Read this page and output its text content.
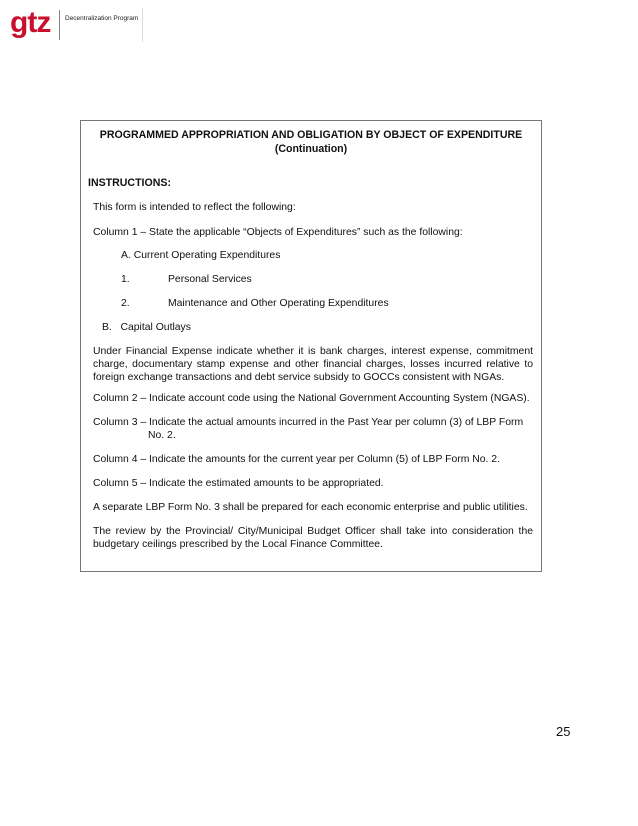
gtz Decentralization Program
PROGRAMMED APPROPRIATION AND OBLIGATION BY OBJECT OF EXPENDITURE
(Continuation)
INSTRUCTIONS:
This form is intended to reflect the following:
Column 1 – State the applicable “Objects of Expenditures” such as the following:
A. Current Operating Expenditures
1.	Personal Services
2.	Maintenance and Other Operating Expenditures
B.   Capital Outlays
Under Financial Expense indicate whether it is bank charges, interest expense, commitment charge, documentary stamp expense and other financial charges, losses incurred relative to foreign exchange transactions and debt service subsidy to GOCCs consistent with NGAs.
Column 2 – Indicate account code using the National Government Accounting System (NGAS).
Column 3 – Indicate the actual amounts incurred in the Past Year per column (3) of LBP Form
No. 2.
Column 4 – Indicate the amounts for the current year per Column (5) of LBP Form No. 2.
Column 5 – Indicate the estimated amounts to be appropriated.
A separate LBP Form No. 3 shall be prepared for each economic enterprise and public utilities.
The review by the Provincial/ City/Municipal Budget Officer shall take into consideration the budgetary ceilings prescribed by the Local Finance Committee.
25
